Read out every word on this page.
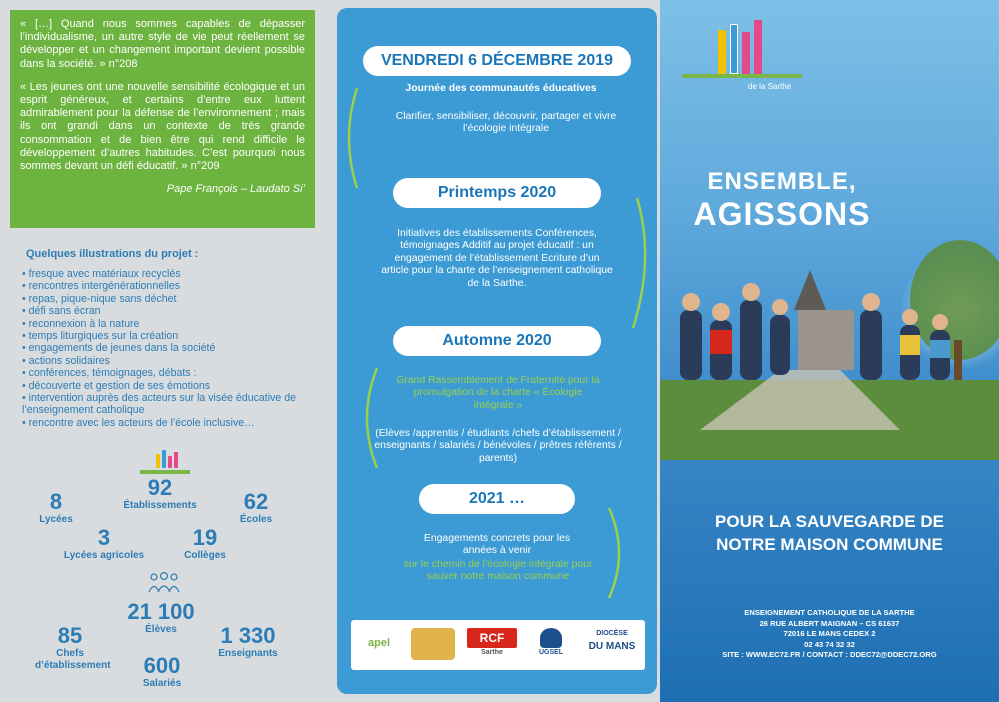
« […] Quand nous sommes capables de dépasser l’individualisme, un autre style de vie peut réellement se développer et un changement important devient possible dans la société. » n°208

« Les jeunes ont une nouvelle sensibilité écologique et un esprit généreux, et certains d’entre eux luttent admirablement pour la défense de l’environnement ; mais ils ont grandi dans un contexte de très grande consommation et de bien être qui rend difficile le développement d’autres habitudes. C’est pourquoi nous sommes devant un défi éducatif. » n°209

Pape François – Laudato Si’

Quelques illustrations du projet :
• fresque avec matériaux recyclés
• rencontres intergénérationnelles
• repas, pique-nique sans déchet
• défi sans écran
• reconnexion à la nature
• temps liturgiques sur la création
• engagements de jeunes dans la société
• actions solidaires
• conférences, témoignages, débats :
• découverte et gestion de ses émotions
• intervention auprès des acteurs sur la visée éducative de l’enseignement catholique
• rencontre avec les acteurs de l’école inclusive…
8
Lycées
92
Établissements	62
Écoles
3
Lycées agricoles
19
Collèges
21 100
Élèves
85
Chefs d’établissement
1 330
Enseignants
600
Salariés
VENDREDI 6 DÉCEMBRE 2019
Journée des communautés éducatives
Clarifier, sensibiliser, découvrir, partager et vivre l’écologie intégrale
Printemps 2020
Initiatives des établissements Conférences, témoignages Additif au projet éducatif : un engagement de l’établissement Ecriture d’un article pour la charte de l’enseignement catholique de la Sarthe.
Automne 2020
Grand Rassemblement de Fraternité pour la promulgation de la charte « Écologie intégrale »
(Elèves /apprentis / étudiants /chefs d’établissement / enseignants / salariés / bénévoles / prêtres référents / parents)
2021 …
Engagements concrets pour les années à venir
sur le chemin de l’écologie intégrale pour sauver notre maison commune
apel	RCF
Sarthe	UGSEL
DIOCÈSE
DU MANS
de la Sarthe
ENSEMBLE,
AGISSONS
POUR LA SAUVEGARDE DE
NOTRE MAISON COMMUNE
ENSEIGNEMENT CATHOLIQUE DE LA SARTHE
26 RUE ALBERT MAIGNAN – CS 61637
72016 LE MANS CEDEX 2
02 43 74 32 32
SITE : WWW.EC72.FR / CONTACT : DDEC72@DDEC72.ORG
